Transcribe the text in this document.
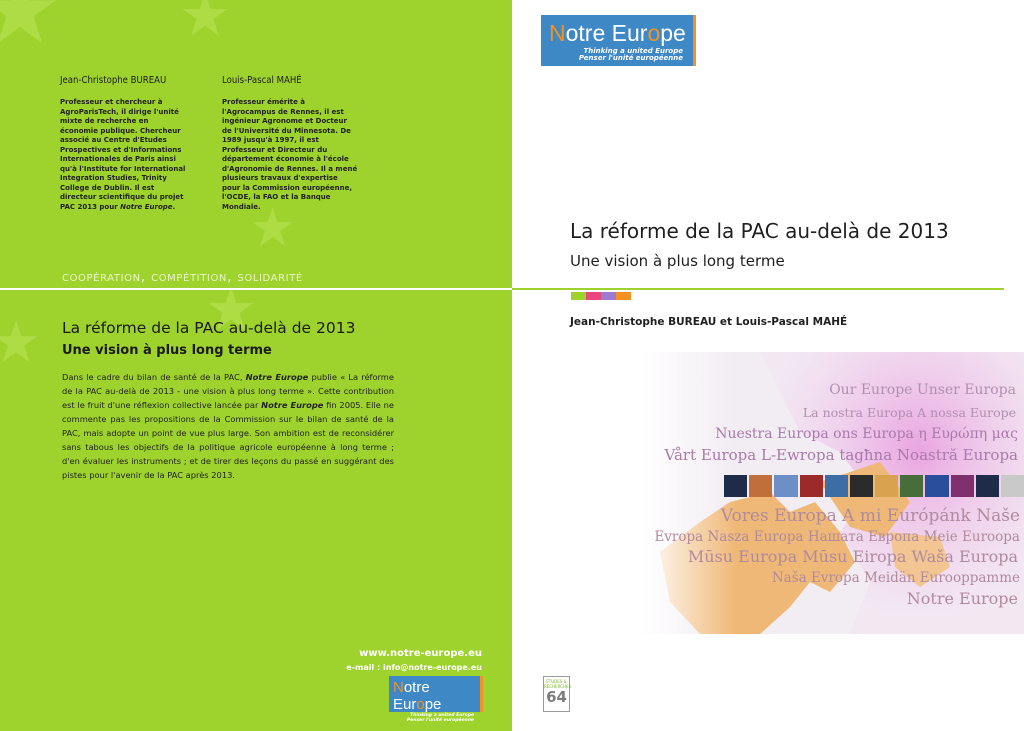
Jean-Christophe BUREAU
Professeur et chercheur à AgroParisTech, il dirige l'unité mixte de recherche en économie publique. Chercheur associé au Centre d'Etudes Prospectives et d'Informations Internationales de Paris ainsi qu'à l'Institute for International Integration Studies, Trinity College de Dublin. Il est directeur scientifique du projet PAC 2013 pour Notre Europe.
Louis-Pascal MAHÉ
Professeur émérite à l'Agrocampus de Rennes, il est ingénieur Agronome et Docteur de l'Université du Minnesota. De 1989 jusqu'à 1997, il est Professeur et Directeur du département économie à l'école d'Agronomie de Rennes. Il a mené plusieurs travaux d'expertise pour la Commission européenne, l'OCDE, la FAO et la Banque Mondiale.
coopération, compétition, solidarité
La réforme de la PAC au-delà de 2013
Une vision à plus long terme
Dans le cadre du bilan de santé de la PAC, Notre Europe publie « La réforme de la PAC au-delà de 2013 - une vision à plus long terme ». Cette contribution est le fruit d'une réflexion collective lancée par Notre Europe fin 2005. Elle ne commente pas les propositions de la Commission sur le bilan de santé de la PAC, mais adopte un point de vue plus large. Son ambition est de reconsidérer sans tabous les objectifs de la politique agricole européenne à long terme ; d'en évaluer les instruments ; et de tirer des leçons du passé en suggérant des pistes pour l'avenir de la PAC après 2013.
www.notre-europe.eu
e-mail : info@notre-europe.eu
Notre Europe
Thinking a united Europe
Penser l'unité européenne
Notre Europe
Thinking a united Europe
Penser l'unité européenne
La réforme de la PAC au-delà de 2013
Une vision à plus long terme
Jean-Christophe BUREAU et Louis-Pascal MAHÉ
Our Europe Unser Europa
La nostra Europa A nossa Europe
Nuestra Europa ons Europa η Ευρώπη μας
Vårt Europa L-Ewropa tagħna Noastră Europa
Vores Europa A mi Európánk Naše
Evropa Nasza Europa Нашата Европа Meie Euroopa
Mūsu Europa Mūsu Eiropa Waša Europa
Naša Evropa Meidän Eurooppamme
Notre Europe
ÉTUDES & RECHERCHES
64
